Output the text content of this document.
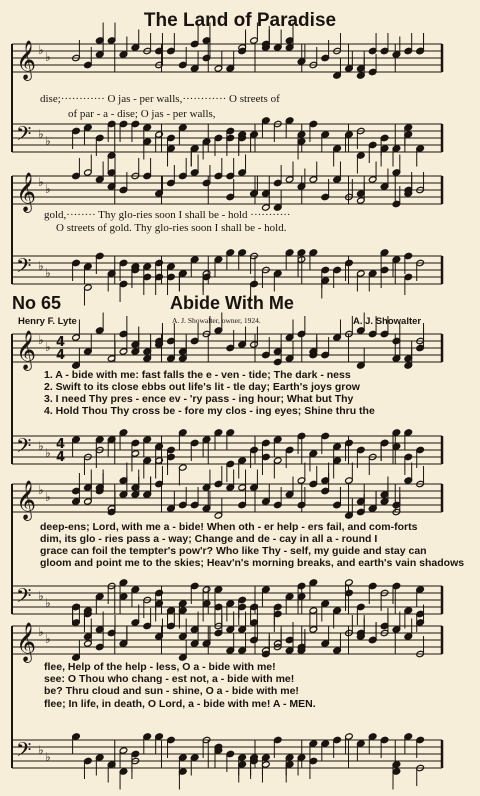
The Land of Paradise
𝄞 ♭ ♭
𝄢 ♭ ♭
dise;············ O jas - per walls,············ O streets of
of par - a - dise; O jas - per walls,
𝄞 ♭ ♭
𝄢 ♭ ♭
gold,········ Thy glo-ries soon I shall be - hold ···········
O streets of gold. Thy glo-ries soon I shall be - hold.
No 65	Abide With Me
Henry F. Lyte	A. J. Showalter, owner, 1924.	A. J. Showalter
𝄞 ♭ ♭ 4
4
𝄢 ♭ ♭
4
4
1. A - bide with me: fast falls the e - ven - tide; The dark - ness
2. Swift to its close ebbs out life's lit - tle day; Earth's joys grow
3. I need Thy pres - ence ev - 'ry pass - ing hour; What but Thy
4. Hold Thou Thy cross be - fore my clos - ing eyes; Shine thru the
𝄞 ♭ ♭
𝄢 ♭ ♭
deep-ens; Lord, with me a - bide! When oth - er help - ers fail, and com-forts
dim, its glo - ries pass a - way; Change and de - cay in all a - round I
grace can foil the tempter's pow'r? Who like Thy - self, my guide and stay can
gloom and point me to the skies; Heav'n's morning breaks, and earth's vain shadows
𝄞 ♭ ♭
𝄢 ♭ ♭
flee, Help of the help - less, O a - bide with me!
see: O Thou who chang - est not, a - bide with me!
be? Thru cloud and sun - shine, O a - bide with me!
flee; In life, in death, O Lord, a - bide with me! A - MEN.
